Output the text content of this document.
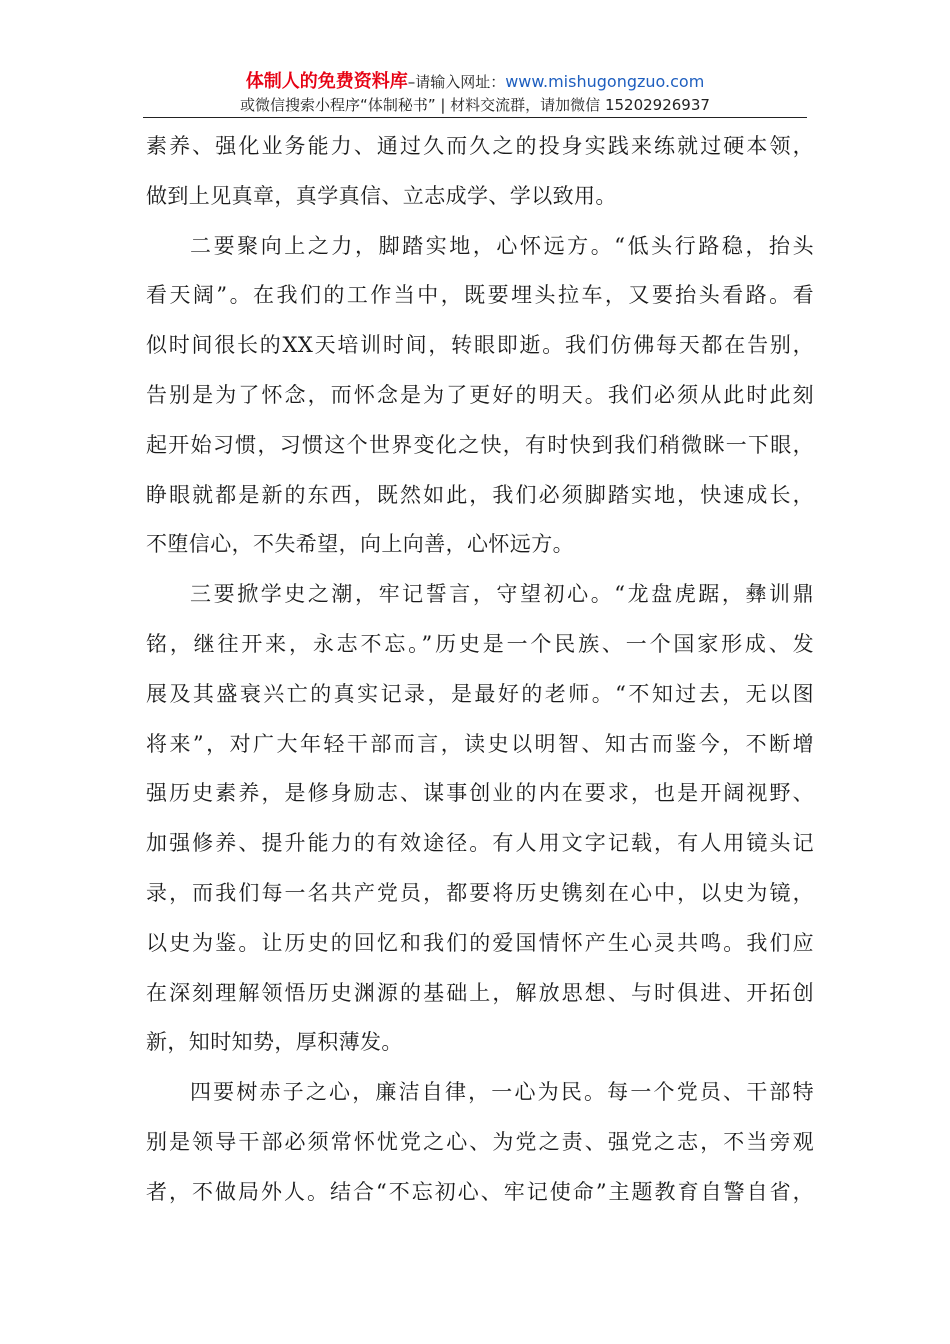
体制人的免费资料库–请输入网址：www.mishugongzuo.com
或微信搜索小程序“体制秘书” | 材料交流群，请加微信 15202926937
素养、强化业务能力、通过久而久之的投身实践来练就过硬本领，
做到上见真章，真学真信、立志成学、学以致用。
二要聚向上之力，脚踏实地，心怀远方。“低头行路稳，抬头
看天阔”。在我们的工作当中，既要埋头拉车，又要抬头看路。看
似时间很长的XX天培训时间，转眼即逝。我们仿佛每天都在告别，
告别是为了怀念，而怀念是为了更好的明天。我们必须从此时此刻
起开始习惯，习惯这个世界变化之快，有时快到我们稍微眯一下眼，
睁眼就都是新的东西，既然如此，我们必须脚踏实地，快速成长，
不堕信心，不失希望，向上向善，心怀远方。
三要掀学史之潮，牢记誓言，守望初心。“龙盘虎踞，彝训鼎
铭，继往开来，永志不忘。”历史是一个民族、一个国家形成、发
展及其盛衰兴亡的真实记录，是最好的老师。“不知过去，无以图
将来”，对广大年轻干部而言，读史以明智、知古而鉴今，不断增
强历史素养，是修身励志、谋事创业的内在要求，也是开阔视野、
加强修养、提升能力的有效途径。有人用文字记载，有人用镜头记
录，而我们每一名共产党员，都要将历史镌刻在心中，以史为镜，
以史为鉴。让历史的回忆和我们的爱国情怀产生心灵共鸣。我们应
在深刻理解领悟历史渊源的基础上，解放思想、与时俱进、开拓创
新，知时知势，厚积薄发。
四要树赤子之心，廉洁自律，一心为民。每一个党员、干部特
别是领导干部必须常怀忧党之心、为党之责、强党之志，不当旁观
者，不做局外人。结合“不忘初心、牢记使命”主题教育自警自省，
